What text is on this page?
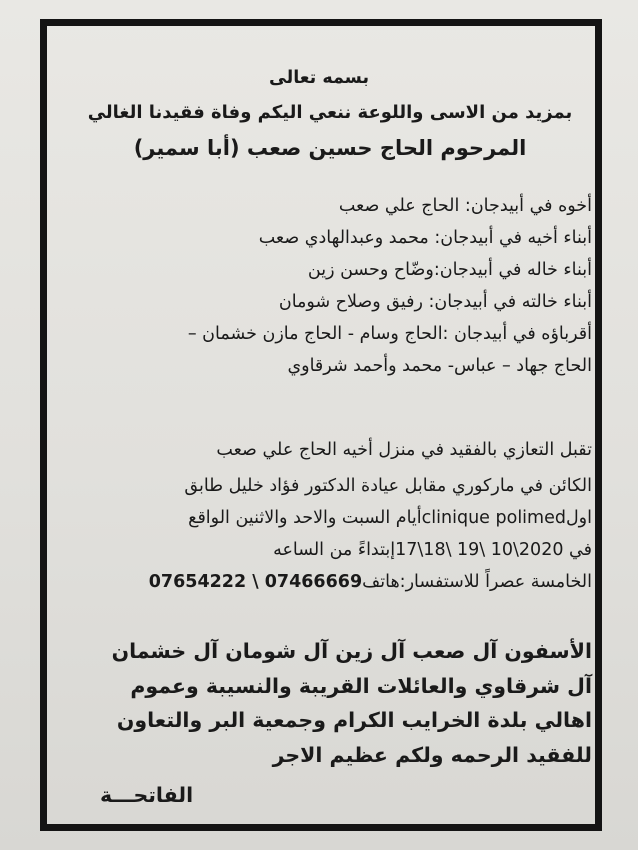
بسمه تعالى
بمزيد من الاسى واللوعة ننعي اليكم وفاة فقيدنا الغالي
المرحوم الحاج حسين صعب (أبا سمير)
أخوه في أبيدجان: الحاج علي صعب
أبناء أخيه في أبيدجان: محمد وعبدالهادي صعب
أبناء خاله في أبيدجان:وضّاح وحسن زين
أبناء خالته في أبيدجان: رفيق وصلاح شومان
أقرباؤه في أبيدجان :الحاج وسام - الحاج مازن خشمان –
الحاج جهاد – عباس- محمد وأحمد شرقاوي
تقبل التعازي بالفقيد في منزل أخيه الحاج علي صعب
الكائن في ماركوري مقابل عيادة الدكتور فؤاد خليل طابق
اولclinique polimedأيام السبت والاحد والاثنين الواقع
في 17\18\ 19\ 10\2020إبتداءً من الساعه
الخامسة عصراً للاستفسار:هاتف07654222 \ 07466669
الأسفون آل صعب آل زين آل شومان آل خشمان
آل شرقاوي والعائلات القريبة والنسيبة وعموم
اهالي بلدة الخرايب الكرام وجمعية البر والتعاون
للفقيد الرحمه ولكم عظيم الاجر
الفاتحـــة
